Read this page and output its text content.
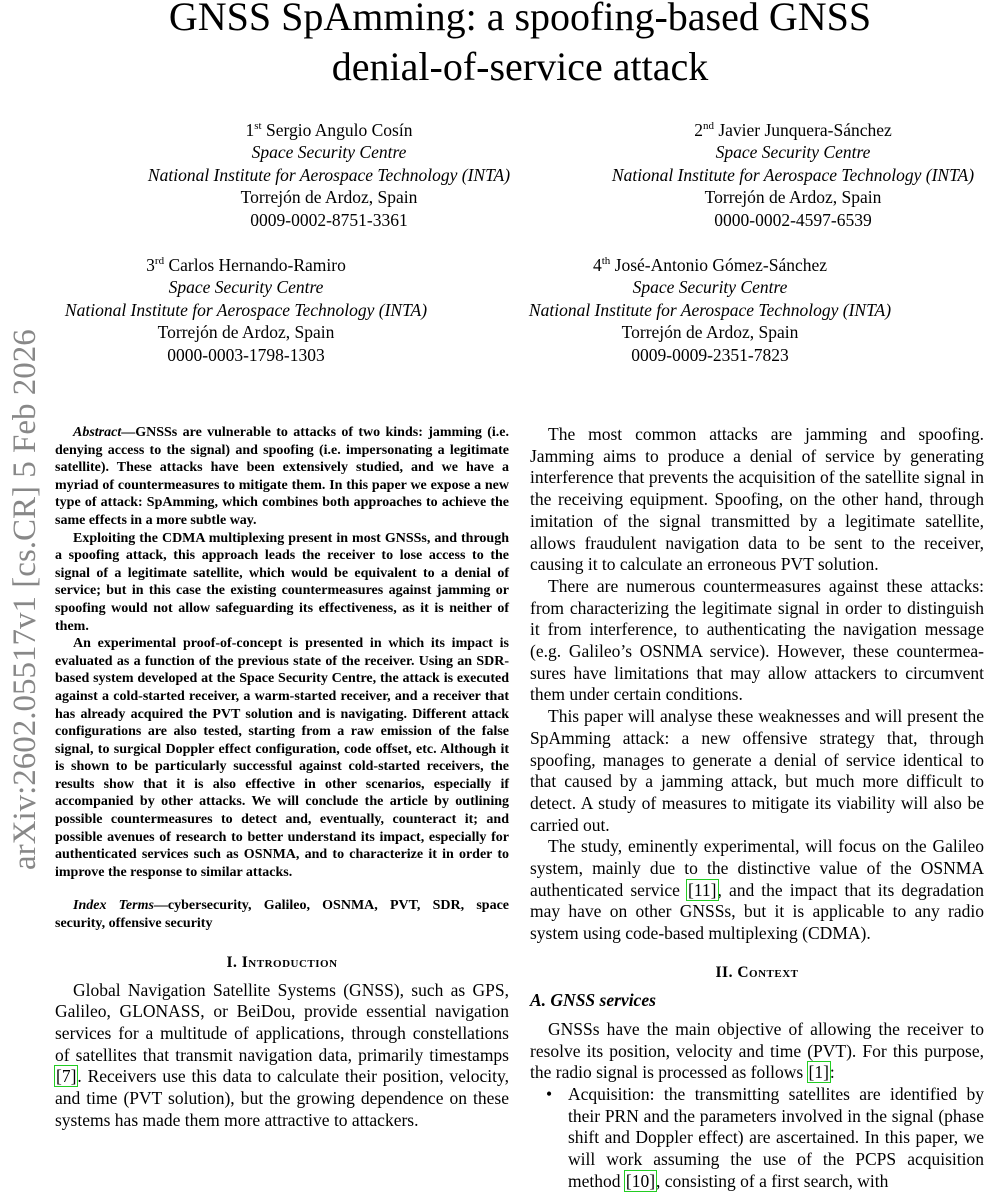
GNSS SpAmming: a spoofing-based GNSS
denial-of-service attack
1st Sergio Angulo Cosín
Space Security Centre
National Institute for Aerospace Technology (INTA)
Torrejón de Ardoz, Spain
0009-0002-8751-3361
2nd Javier Junquera-Sánchez
Space Security Centre
National Institute for Aerospace Technology (INTA)
Torrejón de Ardoz, Spain
0000-0002-4597-6539
3rd Carlos Hernando-Ramiro
Space Security Centre
National Institute for Aerospace Technology (INTA)
Torrejón de Ardoz, Spain
0000-0003-1798-1303
4th José-Antonio Gómez-Sánchez
Space Security Centre
National Institute for Aerospace Technology (INTA)
Torrejón de Ardoz, Spain
0009-0009-2351-7823
arXiv:2602.05517v1 [cs.CR] 5 Feb 2026	Abstract—GNSSs are vulnerable to attacks of two kinds: jamming (i.e. denying access to the signal) and spoofing (i.e. impersonating a legitimate satellite). These attacks have been extensively studied, and we have a myriad of countermeasures to mitigate them. In this paper we expose a new type of attack: SpAmming, which combines both approaches to achieve the same effects in a more subtle way.

Exploiting the CDMA multiplexing present in most GNSSs, and through a spoofing attack, this approach leads the receiver to lose access to the signal of a legitimate satellite, which would be equivalent to a denial of service; but in this case the existing countermeasures against jamming or spoofing would not allow safeguarding its effectiveness, as it is neither of them.

An experimental proof-of-concept is presented in which its impact is evaluated as a function of the previous state of the receiver. Using an SDR-based system developed at the Space Security Centre, the attack is executed against a cold-started receiver, a warm-started receiver, and a receiver that has already acquired the PVT solution and is navigating. Different attack configurations are also tested, starting from a raw emission of the false signal, to surgical Doppler effect configuration, code offset, etc. Although it is shown to be particularly successful against cold-started receivers, the results show that it is also effective in other scenarios, especially if accompanied by other attacks. We will conclude the article by outlining possible countermeasures to detect and, eventually, counteract it; and possible avenues of research to better understand its impact, especially for authenticated services such as OSNMA, and to characterize it in order to improve the response to similar attacks.

Index Terms—cybersecurity, Galileo, OSNMA, PVT, SDR, space security, offensive security
I. Introduction

Global Navigation Satellite Systems (GNSS), such as GPS, Galileo, GLONASS, or BeiDou, provide essential navigation services for a multitude of applications, through constellations of satellites that transmit navigation data, primarily timestamps [7]. Receivers use this data to calculate their position, velocity, and time (PVT solution), but the growing dependence on these systems has made them more attractive to attackers.

The most common attacks are jamming and spoofing. Jamming aims to produce a denial of service by generating interference that prevents the acquisition of the satellite signal in the receiving equipment. Spoofing, on the other hand, through imitation of the signal transmitted by a legitimate satellite, allows fraudulent navigation data to be sent to the receiver, causing it to calculate an erroneous PVT solution.

There are numerous countermeasures against these attacks: from characterizing the legitimate signal in order to distinguish it from interference, to authenticating the navigation message (e.g. Galileo’s OSNMA service). However, these countermeasures have limitations that may allow attackers to circumvent them under certain conditions.

This paper will analyse these weaknesses and will present the SpAmming attack: a new offensive strategy that, through spoofing, manages to generate a denial of service identical to that caused by a jamming attack, but much more difficult to detect. A study of measures to mitigate its viability will also be carried out.

The study, eminently experimental, will focus on the Galileo system, mainly due to the distinctive value of the OSNMA authenticated service [11], and the impact that its degradation may have on other GNSSs, but it is applicable to any radio system using code-based multiplexing (CDMA).

II. Context
A. GNSS services

GNSSs have the main objective of allowing the receiver to resolve its position, velocity and time (PVT). For this purpose, the radio signal is processed as follows [1]:

• Acquisition: the transmitting satellites are identified by their PRN and the parameters involved in the signal (phase shift and Doppler effect) are ascertained. In this paper, we will work assuming the use of the PCPS acquisition method [10], consisting of a first search, with
